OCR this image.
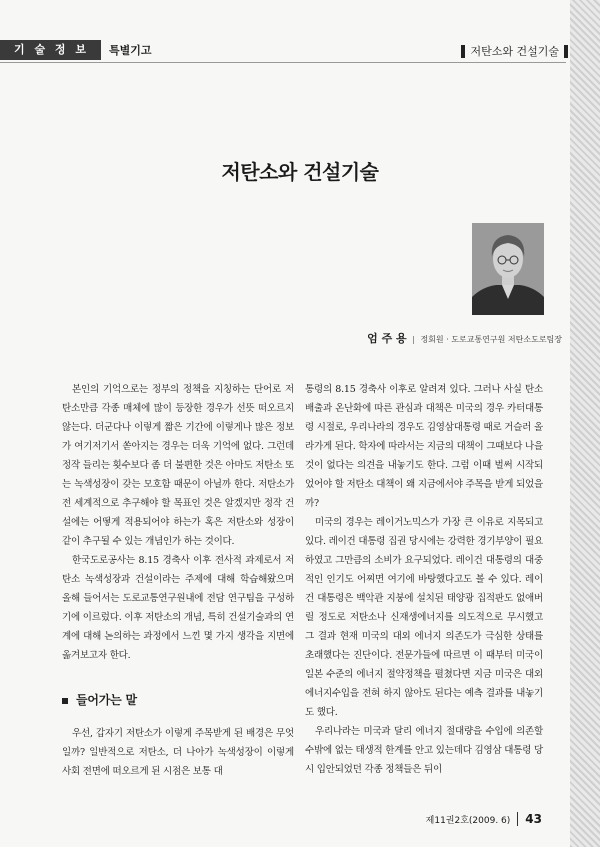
기 술 정 보	특별기고	저탄소와 건설기술
저탄소와 건설기술
엄 주 용 | 정회원 · 도로교통연구원 저탄소도로팀장

본인의 기억으로는 정부의 정책을 지칭하는 단어로 저탄소만큼 각종 매체에 많이 등장한 경우가 선뜻 떠오르지 않는다. 더군다나 이렇게 짧은 기간에 이렇게나 많은 정보가 여기저기서 쏟아지는 경우는 더욱 기억에 없다. 그런데 정작 들리는 횟수보다 좀 더 불편한 것은 아마도 저탄소 또는 녹색성장이 갖는 모호함 때문이 아닐까 한다. 저탄소가 전 세계적으로 추구해야 할 목표인 것은 알겠지만 정작 건설에는 어떻게 적용되어야 하는가 혹은 저탄소와 성장이 같이 추구될 수 있는 개념인가 하는 것이다.

한국도로공사는 8.15 경축사 이후 전사적 과제로서 저탄소 녹색성장과 건설이라는 주제에 대해 학습해왔으며 올해 들어서는 도로교통연구원내에 전담 연구팀을 구성하기에 이르렀다. 이후 저탄소의 개념, 특히 건설기술과의 연계에 대해 논의하는 과정에서 느낀 몇 가지 생각을 지면에 옮겨보고자 한다.

들어가는 말

우선, 갑자기 저탄소가 이렇게 주목받게 된 배경은 무엇일까? 일반적으로 저탄소, 더 나아가 녹색성장이 이렇게 사회 전면에 떠오르게 된 시점은 보통 대

통령의 8.15 경축사 이후로 알려져 있다. 그러나 사실 탄소배출과 온난화에 따른 관심과 대책은 미국의 경우 카터대통령 시절로, 우리나라의 경우도 김영삼대통령 때로 거슬러 올라가게 된다. 학자에 따라서는 지금의 대책이 그때보다 나을 것이 없다는 의견을 내놓기도 한다. 그럼 이때 벌써 시작되었어야 할 저탄소 대책이 왜 지금에서야 주목을 받게 되었을까?

미국의 경우는 레이거노믹스가 가장 큰 이유로 지목되고 있다. 레이건 대통령 집권 당시에는 강력한 경기부양이 필요하였고 그만큼의 소비가 요구되었다. 레이건 대통령의 대중적인 인기도 어찌면 여기에 바탕했다고도 볼 수 있다. 레이건 대통령은 백악관 지붕에 설치된 태양광 집적판도 없애버릴 정도로 저탄소나 신재생에너지를 의도적으로 무시했고 그 결과 현재 미국의 대외 에너지 의존도가 극심한 상태를 초래했다는 진단이다. 전문가들에 따르면 이 때부터 미국이 일본 수준의 에너지 절약정책을 펼쳤다면 지금 미국은 대외 에너지수입을 전혀 하지 않아도 된다는 예측 결과를 내놓기도 했다.

우리나라는 미국과 달리 에너지 절대량을 수입에 의존할 수밖에 없는 태생적 한계를 안고 있는데다 김영삼 대통령 당시 입안되었던 각종 정책들은 뒤이

제11권2호(2009. 6) 43
